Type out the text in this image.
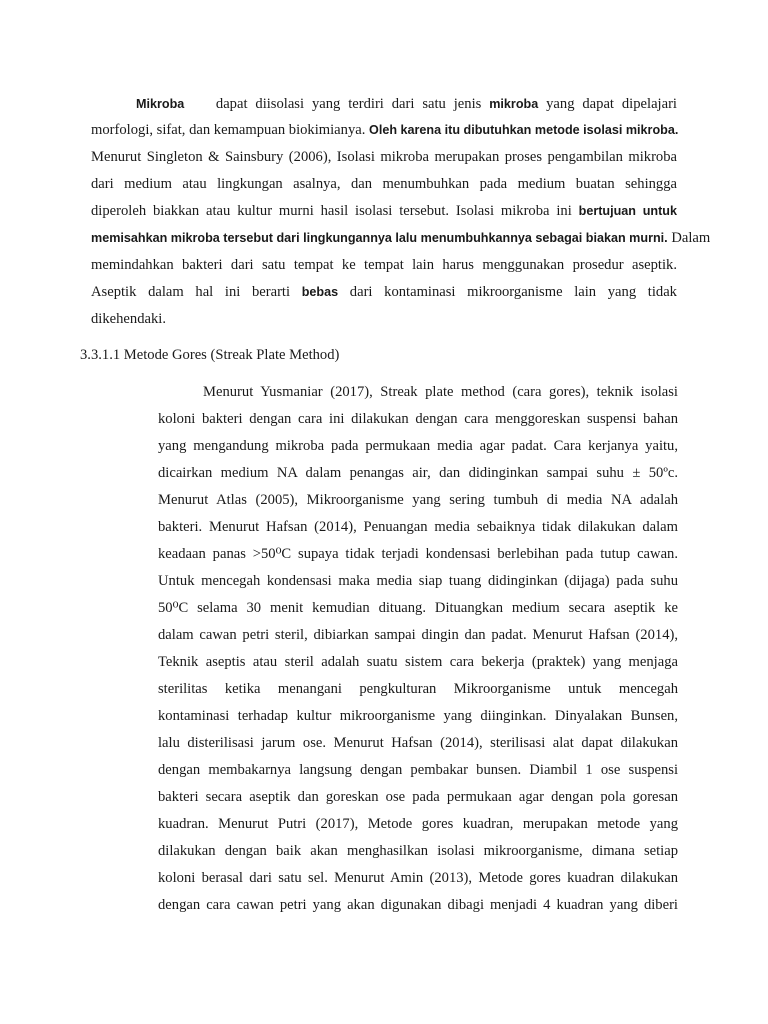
Mikroba dapat diisolasi yang terdiri dari satu jenis mikroba yang dapat dipelajari
morfologi, sifat, dan kemampuan biokimianya. Oleh karena itu dibutuhkan metode isolasi mikroba.
Menurut Singleton & Sainsbury (2006), Isolasi mikroba merupakan proses pengambilan mikroba
dari medium atau lingkungan asalnya, dan menumbuhkan pada medium buatan sehingga
diperoleh biakkan atau kultur murni hasil isolasi tersebut. Isolasi mikroba ini bertujuan untuk
memisahkan mikroba tersebut dari lingkungannya lalu menumbuhkannya sebagai biakan murni. Dalam
memindahkan bakteri dari satu tempat ke tempat lain harus menggunakan prosedur aseptik.
Aseptik dalam hal ini berarti bebas dari kontaminasi mikroorganisme lain yang tidak
dikehendaki.
3.3.1.1 Metode Gores (Streak Plate Method)
Menurut Yusmaniar (2017), Streak plate method (cara gores), teknik isolasi
koloni bakteri dengan cara ini dilakukan dengan cara menggoreskan suspensi bahan
yang mengandung mikroba pada permukaan media agar padat. Cara kerjanya yaitu,
dicairkan medium NA dalam penangas air, dan didinginkan sampai suhu ± 50ºc.
Menurut Atlas (2005), Mikroorganisme yang sering tumbuh di media NA adalah
bakteri. Menurut Hafsan (2014), Penuangan media sebaiknya tidak dilakukan dalam
keadaan panas >50⁰C supaya tidak terjadi kondensasi berlebihan pada tutup cawan.
Untuk mencegah kondensasi maka media siap tuang didinginkan (dijaga) pada suhu
50⁰C selama 30 menit kemudian dituang. Dituangkan medium secara aseptik ke
dalam cawan petri steril, dibiarkan sampai dingin dan padat. Menurut Hafsan (2014),
Teknik aseptis atau steril adalah suatu sistem cara bekerja (praktek) yang menjaga
sterilitas ketika menangani pengkulturan Mikroorganisme untuk mencegah
kontaminasi terhadap kultur mikroorganisme yang diinginkan. Dinyalakan Bunsen,
lalu disterilisasi jarum ose. Menurut Hafsan (2014), sterilisasi alat dapat dilakukan
dengan membakarnya langsung dengan pembakar bunsen. Diambil 1 ose suspensi
bakteri secara aseptik dan goreskan ose pada permukaan agar dengan pola goresan
kuadran. Menurut Putri (2017), Metode gores kuadran, merupakan metode yang
dilakukan dengan baik akan menghasilkan isolasi mikroorganisme, dimana setiap
koloni berasal dari satu sel. Menurut Amin (2013), Metode gores kuadran dilakukan
dengan cara cawan petri yang akan digunakan dibagi menjadi 4 kuadran yang diberi
